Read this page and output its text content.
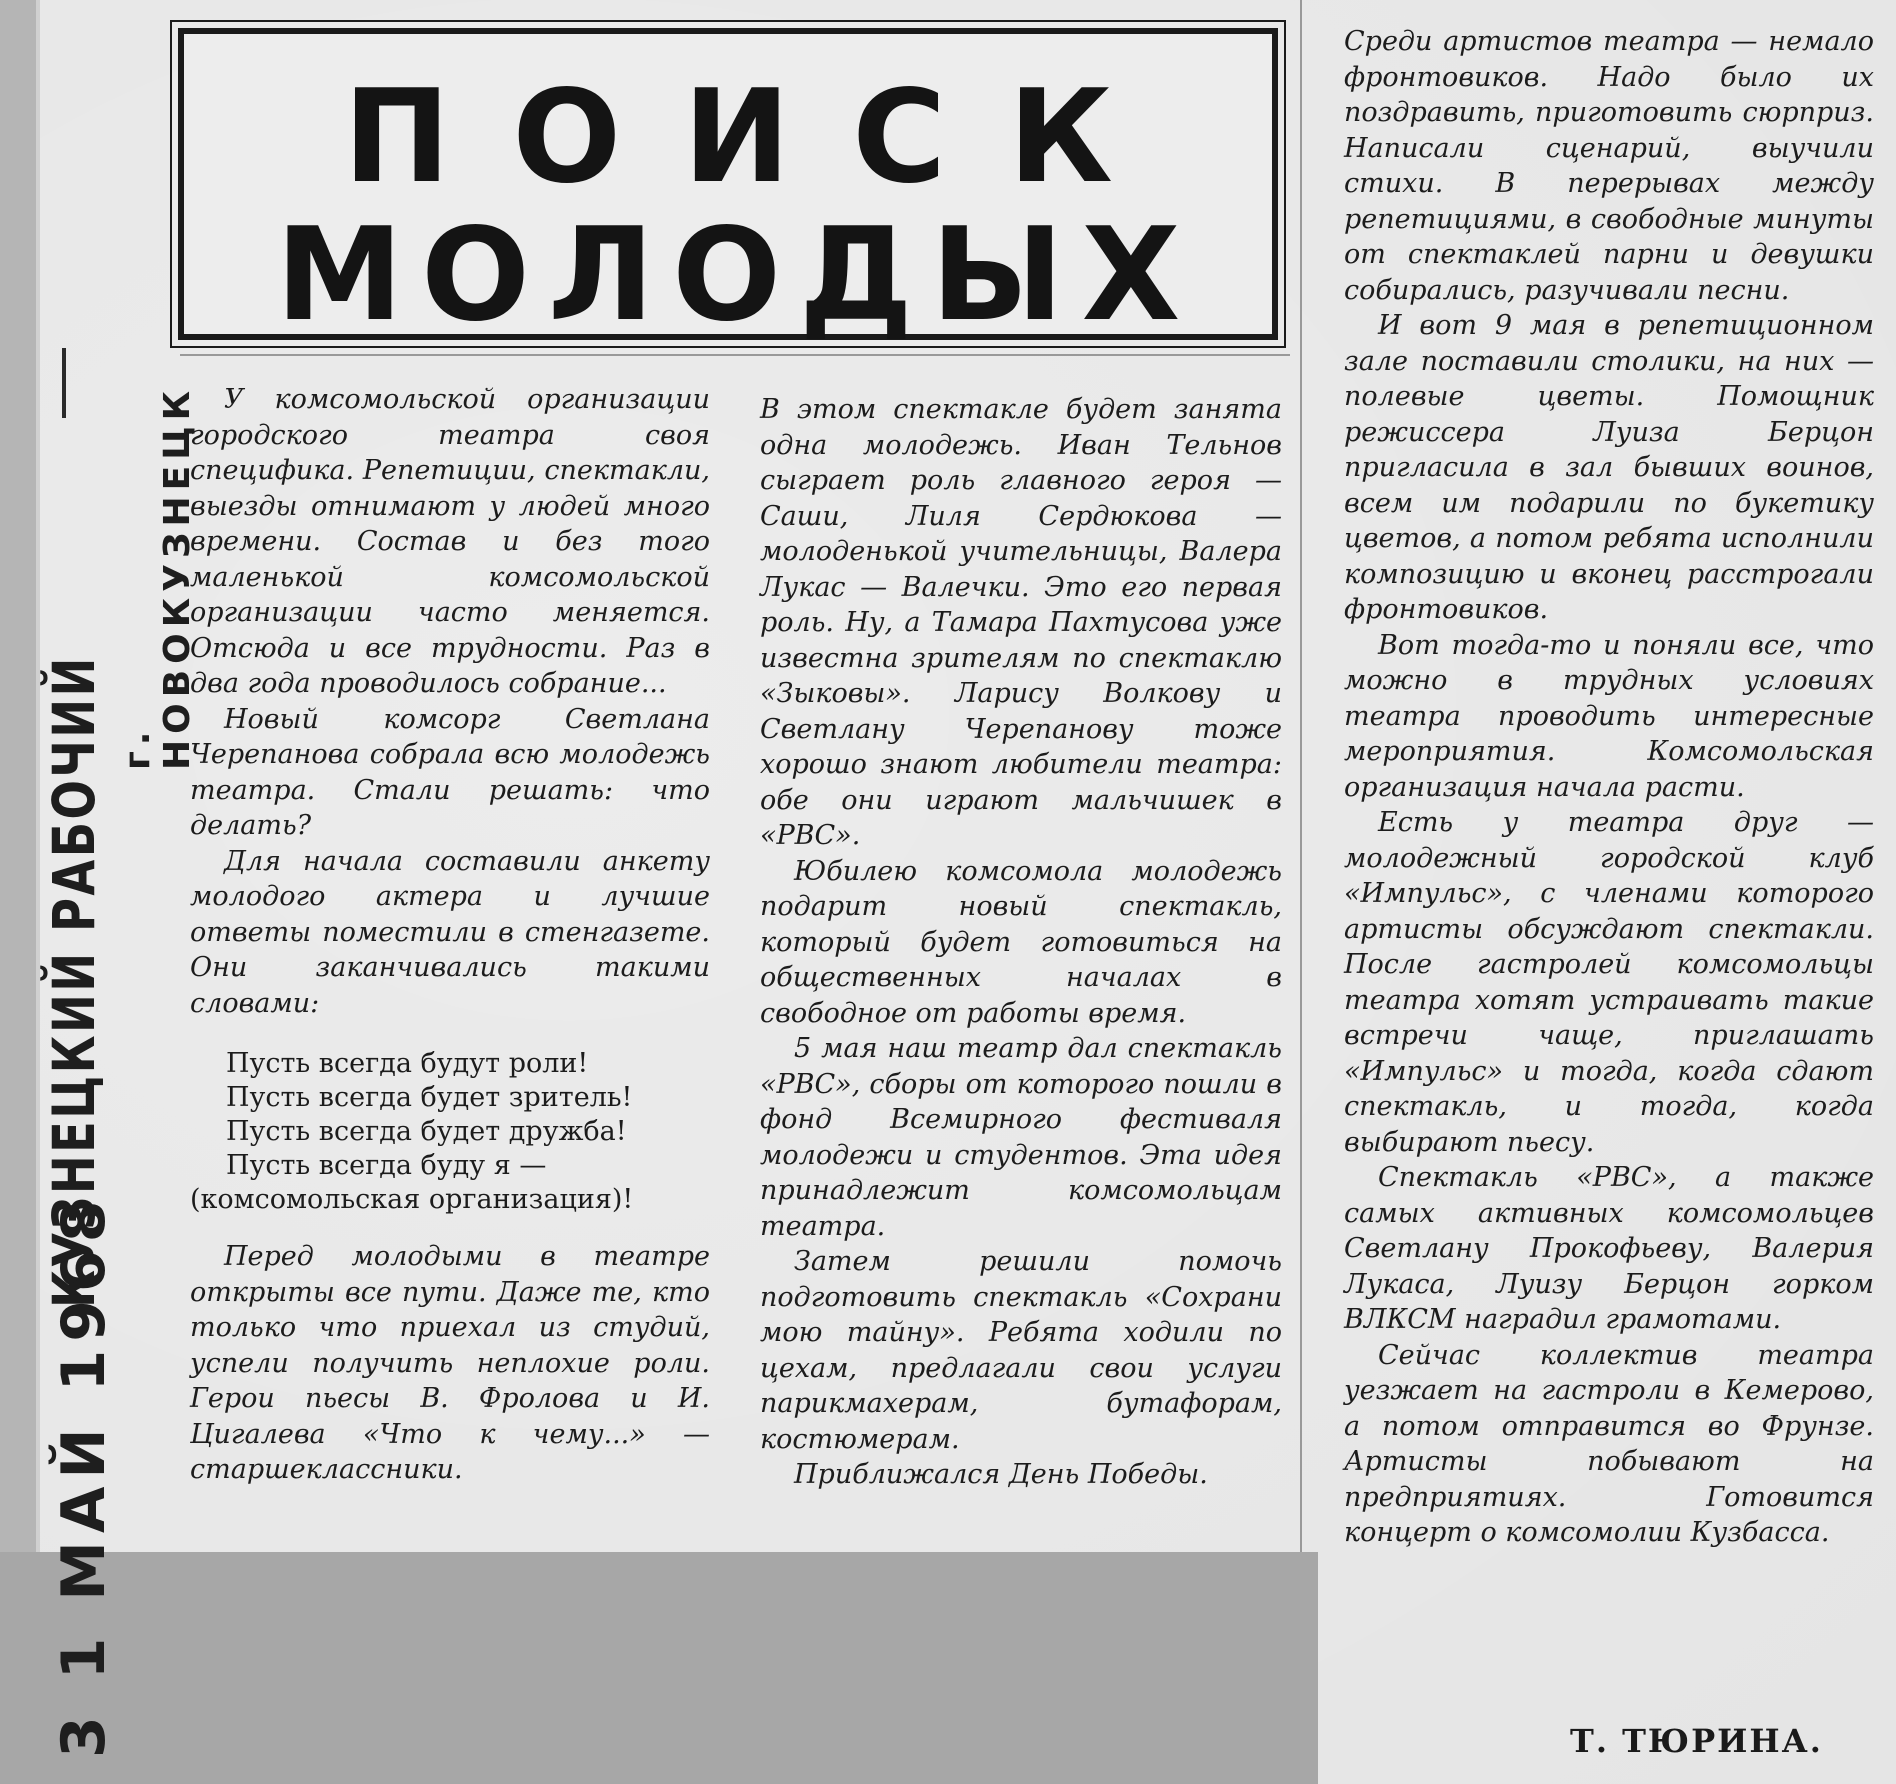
ПОИСК
МОЛОДЫХ
3 1 МАЙ 1968
КУЗНЕЦКИЙ РАБОЧИЙ г. НОВОКУЗНЕЦК У комсомольской организации городского театра своя специфика. Репетиции, спектакли, выезды отнимают у людей много времени. Состав и без того маленькой комсомольской организации часто меняется. Отсюда и все трудности. Раз в два года проводилось собрание...

Новый комсорг Светлана Черепанова собрала всю молодежь театра. Стали решать: что делать?

Для начала составили анкету молодого актера и лучшие ответы поместили в стенгазете. Они заканчивались такими словами:

Пусть всегда будут роли!
Пусть всегда будет зритель!
Пусть всегда будет дружба!
Пусть всегда буду я —
(комсомольская организация)!

Перед молодыми в театре открыты все пути. Даже те, кто только что приехал из студий, успели получить неплохие роли. Герои пьесы В. Фролова и И. Цигалева «Что к чему...» — старшеклассники.

В этом спектакле будет занята одна молодежь. Иван Тельнов сыграет роль главного героя — Саши, Лиля Сердюкова — молоденькой учительницы, Валера Лукас — Валечки. Это его первая роль. Ну, а Тамара Пахтусова уже известна зрителям по спектаклю «Зыковы». Ларису Волкову и Светлану Черепанову тоже хорошо знают любители театра: обе они играют мальчишек в «РВС».

Юбилею комсомола молодежь подарит новый спектакль, который будет готовиться на общественных началах в свободное от работы время.

5 мая наш театр дал спектакль «РВС», сборы от которого пошли в фонд Всемирного фестиваля молодежи и студентов. Эта идея принадлежит комсомольцам театра.

Затем решили помочь подготовить спектакль «Сохрани мою тайну». Ребята ходили по цехам, предлагали свои услуги парикмахерам, бутафорам, костюмерам.

Приближался День Победы.

Среди артистов театра — немало фронтовиков. Надо было их поздравить, приготовить сюрприз. Написали сценарий, выучили стихи. В перерывах между репетициями, в свободные минуты от спектаклей парни и девушки собирались, разучивали песни.

И вот 9 мая в репетиционном зале поставили столики, на них — полевые цветы. Помощник режиссера Луиза Берцон пригласила в зал бывших воинов, всем им подарили по букетику цветов, а потом ребята исполнили композицию и вконец расстрогали фронтовиков.

Вот тогда-то и поняли все, что можно в трудных условиях театра проводить интересные мероприятия. Комсомольская организация начала расти.

Есть у театра друг — молодежный городской клуб «Импульс», с членами которого артисты обсуждают спектакли. После гастролей комсомольцы театра хотят устраивать такие встречи чаще, приглашать «Импульс» и тогда, когда сдают спектакль, и тогда, когда выбирают пьесу.

Спектакль «РВС», а также самых активных комсомольцев Светлану Прокофьеву, Валерия Лукаса, Луизу Берцон горком ВЛКСМ наградил грамотами.

Сейчас коллектив театра уезжает на гастроли в Кемерово, а потом отправится во Фрунзе. Артисты побывают на предприятиях. Готовится концерт о комсомолии Кузбасса.

Т. ТЮРИНА.
